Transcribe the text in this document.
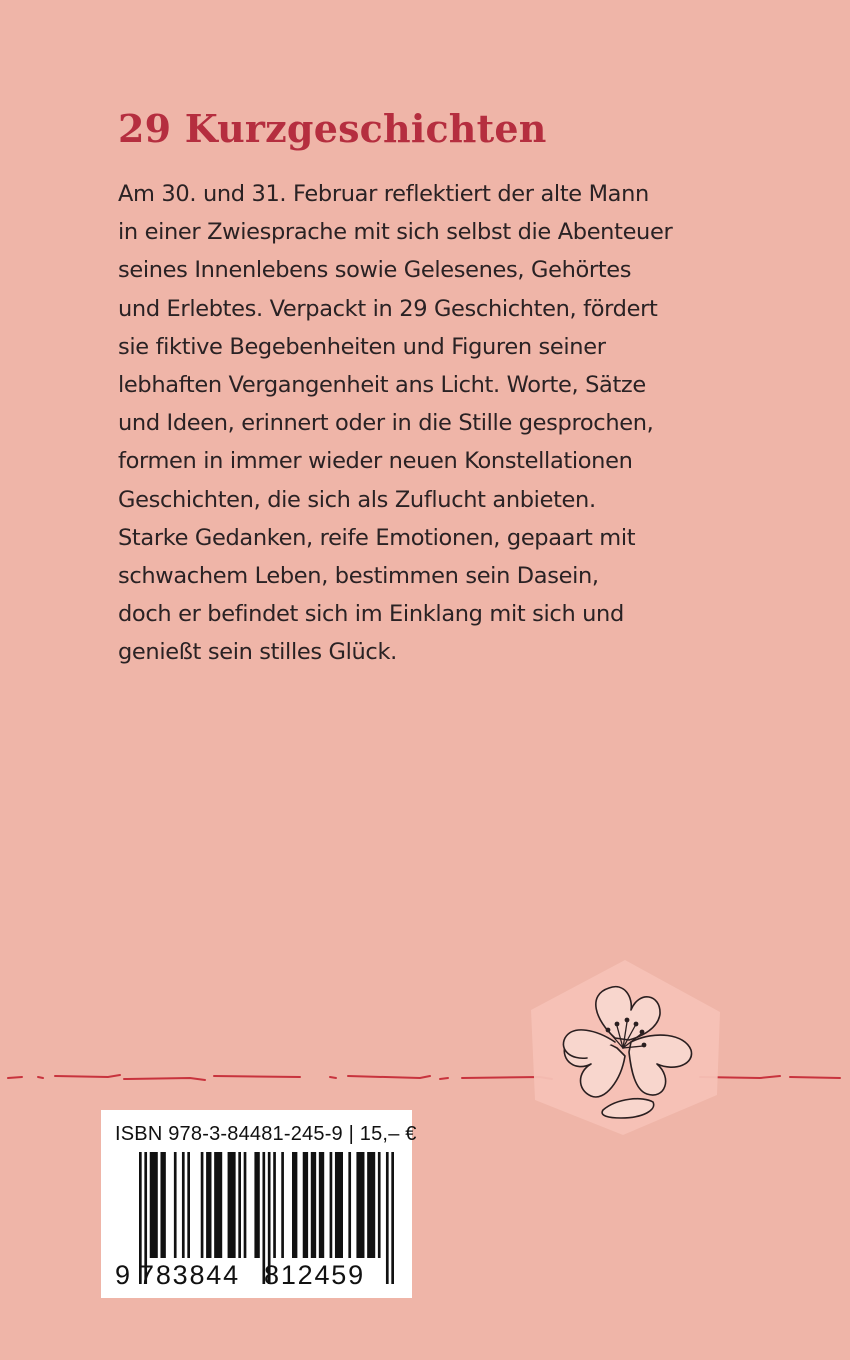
29 Kurzgeschichten
Am 30. und 31. Februar reflektiert der alte Mann
in einer Zwiesprache mit sich selbst die Abenteuer
seines Innenlebens sowie Gelesenes, Gehörtes
und Erlebtes. Verpackt in 29 Geschichten, fördert
sie fiktive Begebenheiten und Figuren seiner
lebhaften Vergangenheit ans Licht. Worte, Sätze
und Ideen, erinnert oder in die Stille gesprochen,
formen in immer wieder neuen Konstellationen
Geschichten, die sich als Zuflucht anbieten.
Starke Gedanken, reife Emotionen, gepaart mit
schwachem Leben, bestimmen sein Dasein,
doch er befindet sich im Einklang mit sich und
genießt sein stilles Glück.
ISBN 978-3-84481-245-9 | 15,– €
9 783844 812459
